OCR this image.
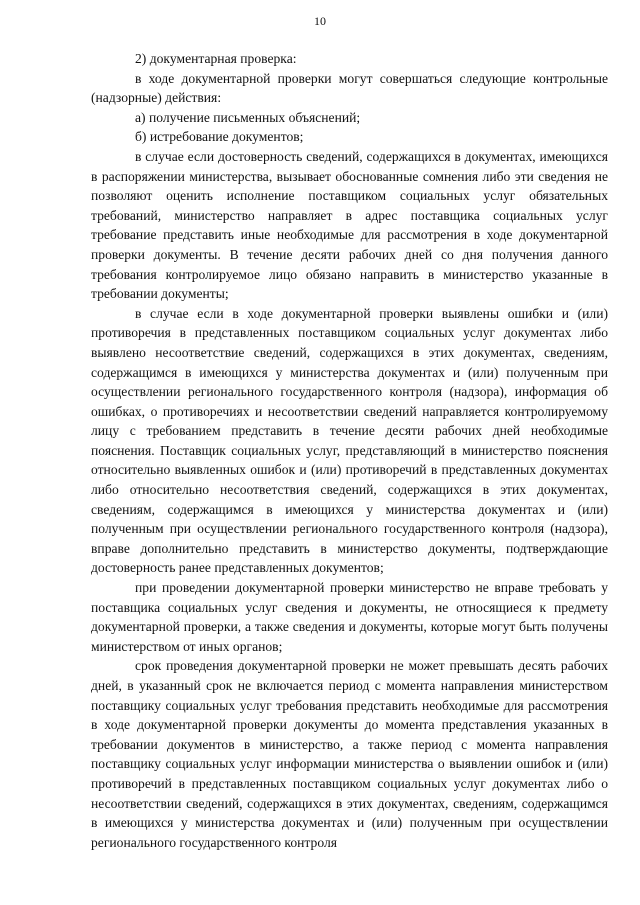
10

2) документарная проверка:

в ходе документарной проверки могут совершаться следующие контрольные (надзорные) действия:

а) получение письменных объяснений;

б) истребование документов;

в случае если достоверность сведений, содержащихся в документах, имеющихся в распоряжении министерства, вызывает обоснованные сомнения либо эти сведения не позволяют оценить исполнение поставщиком социальных услуг обязательных требований, министерство направляет в адрес поставщика социальных услуг требование представить иные необходимые для рассмотрения в ходе документарной проверки документы. В течение десяти рабочих дней со дня получения данного требования контролируемое лицо обязано направить в министерство указанные в требовании документы;

в случае если в ходе документарной проверки выявлены ошибки и (или) противоречия в представленных поставщиком социальных услуг документах либо выявлено несоответствие сведений, содержащихся в этих документах, сведениям, содержащимся в имеющихся у министерства документах и (или) полученным при осуществлении регионального государственного контроля (надзора), информация об ошибках, о противоречиях и несоответствии сведений направляется контролируемому лицу с требованием представить в течение десяти рабочих дней необходимые пояснения. Поставщик социальных услуг, представляющий в министерство пояснения относительно выявленных ошибок и (или) противоречий в представленных документах либо относительно несоответствия сведений, содержащихся в этих документах, сведениям, содержащимся в имеющихся у министерства документах и (или) полученным при осуществлении регионального государственного контроля (надзора), вправе дополнительно представить в министерство документы, подтверждающие достоверность ранее представленных документов;

при проведении документарной проверки министерство не вправе требовать у поставщика социальных услуг сведения и документы, не относящиеся к предмету документарной проверки, а также сведения и документы, которые могут быть получены министерством от иных органов;

срок проведения документарной проверки не может превышать десять рабочих дней, в указанный срок не включается период с момента направления министерством поставщику социальных услуг требования представить необходимые для рассмотрения в ходе документарной проверки документы до момента представления указанных в требовании документов в министерство, а также период с момента направления поставщику социальных услуг информации министерства о выявлении ошибок и (или) противоречий в представленных поставщиком социальных услуг документах либо о несоответствии сведений, содержащихся в этих документах, сведениям, содержащимся в имеющихся у министерства документах и (или) полученным при осуществлении регионального государственного контроля
